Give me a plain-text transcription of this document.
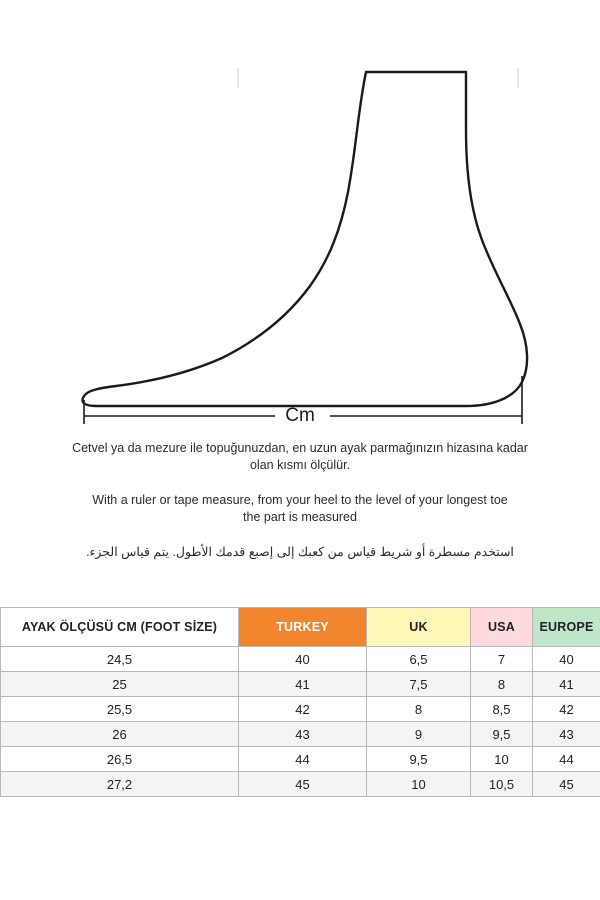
Cm

Cetvel ya da mezure ile topuğunuzdan, en uzun ayak parmağınızın hizasına kadar

olan kısmı ölçülür.

With a ruler or tape measure, from your heel to the level of your longest toe

the part is measured

استخدم مسطرة أو شريط قياس من كعبك إلى إصبع قدمك الأطول. يتم قياس الجزء.

AYAK ÖLÇÜSÜ CM (FOOT SİZE)	TURKEY	UK	USA	EUROPE
24,5	40	6,5	7	40
25	41	7,5	8	41
25,5	42	8	8,5	42
26	43	9	9,5	43
26,5	44	9,5	10	44
27,2	45	10	10,5	45
